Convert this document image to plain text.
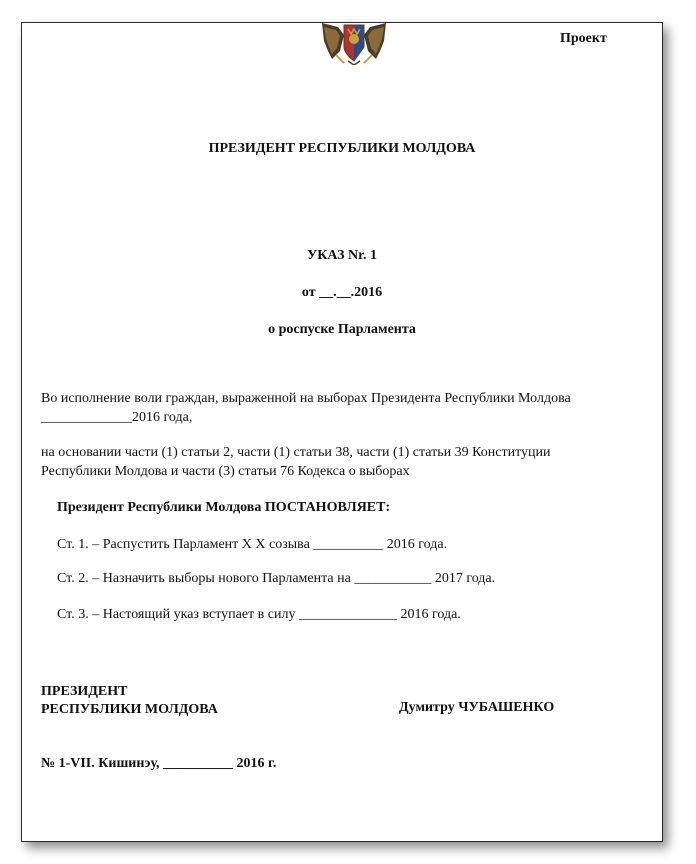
Проект
ПРЕЗИДЕНТ РЕСПУБЛИКИ МОЛДОВА
УКАЗ Nr. 1
от __.__.2016
о роспуске Парламента
Во исполнение воли граждан, выраженной на выборах Президента Республики Молдова
_____________2016 года,
на основании части (1) статьи 2, части (1) статьи 38, части (1) статьи 39 Конституции
Республики Молдова и части (3) статьи 76 Кодекса о выборах
Президент Республики Молдова ПОСТАНОВЛЯЕТ:
Ст. 1. – Распустить Парламент X X созыва __________ 2016 года.
Ст. 2. – Назначить выборы нового Парламента на ___________ 2017 года.
Ст. 3. – Настоящий указ вступает в силу ______________ 2016 года.
ПРЕЗИДЕНТ
РЕСПУБЛИКИ МОЛДОВА	Думитру ЧУБАШЕНКО
№ 1-VII. Кишинэу, __________ 2016 г.
